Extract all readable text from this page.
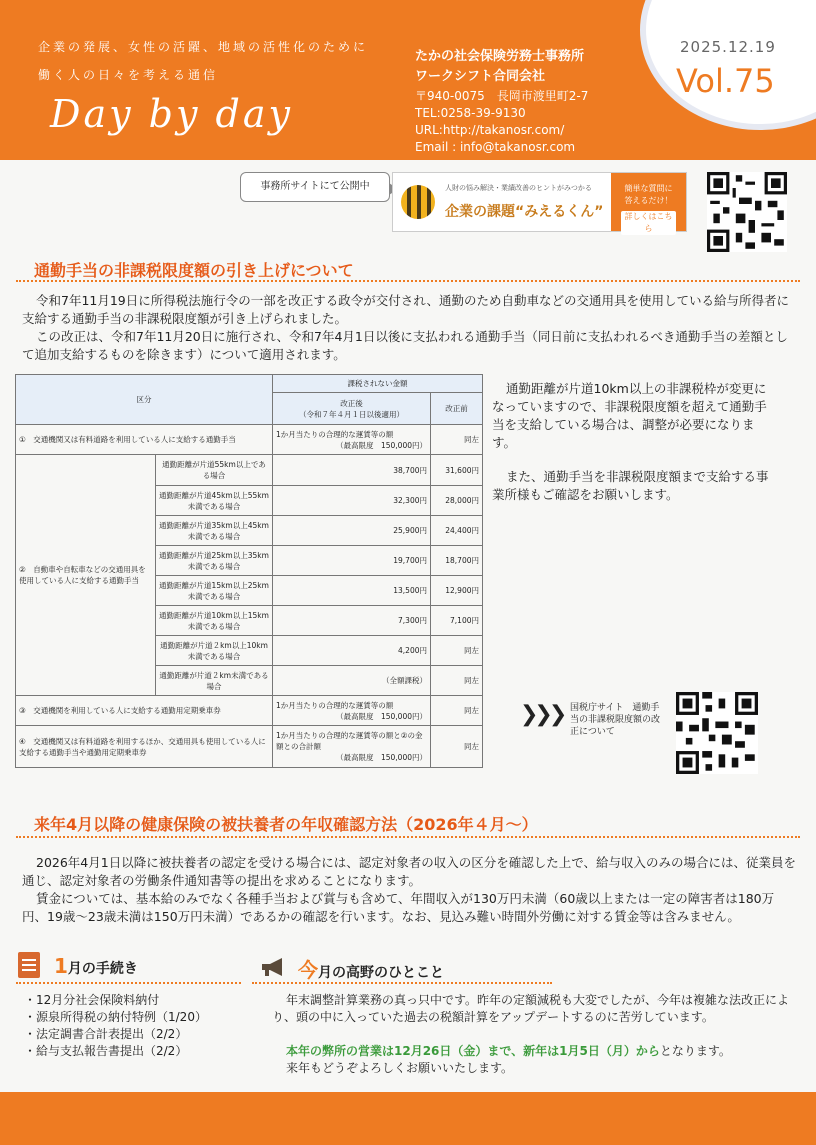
企業の発展、女性の活躍、地域の活性化のために
働く人の日々を考える通信
Day by day
たかの社会保険労務士事務所
ワークシフト合同会社
〒940-0075　長岡市渡里町2-7
TEL:0258-39-9130
URL:http://takanosr.com/
Email : info@takanosr.com
2025.12.19
Vol.75
事務所サイトにて公開中	人財の悩み解決・業績改善のヒントがみつかる
企業の課題“みえるくん”
簡単な質問に
答えるだけ！
詳しくはこちら
通勤手当の非課税限度額の引き上げについて
令和7年11月19日に所得税法施行令の一部を改正する政令が交付され、通勤のため自動車などの交通用具を使用している給与所得者に支給する通勤手当の非課税限度額が引き上げられました。
この改正は、令和7年11月20日に施行され、令和7年4月1日以後に支払われる通勤手当（同日前に支払われるべき通勤手当の差額として追加支給するものを除きます）について適用されます。
区分		課税されない金額	

		改正後
（令和７年４月１日以後適用）	改正前
①　交通機関又は有料道路を利用している人に支給する通勤手当		1か月当たりの合理的な運賃等の額
（最高限度　150,000円）	同左
②　自動車や自転車などの交通用具を使用している人に支給する通勤手当	通勤距離が片道55km以上である場合	38,700円	31,600円
	通勤距離が片道45km以上55km未満である場合	32,300円	28,000円
	通勤距離が片道35km以上45km未満である場合	25,900円	24,400円
	通勤距離が片道25km以上35km未満である場合	19,700円	18,700円
	通勤距離が片道15km以上25km未満である場合	13,500円	12,900円
	通勤距離が片道10km以上15km未満である場合	7,300円	7,100円
	通勤距離が片道２km以上10km未満である場合	4,200円	同左
	通勤距離が片道２km未満である場合	（全額課税）	同左
③　交通機関を利用している人に支給する通勤用定期乗車券		1か月当たりの合理的な運賃等の額
（最高限度　150,000円）	同左
④　交通機関又は有料道路を利用するほか、交通用具も使用している人に支給する通勤手当や通勤用定期乗車券		1か月当たりの合理的な運賃等の額と②の金額との合計額
（最高限度　150,000円）	同左
通勤距離が片道10km以上の非課税枠が変更になっていますので、非課税限度額を超えて通勤手当を支給している場合は、調整が必要になります。
また、通勤手当を非課税限度額まで支給する事業所様もご確認をお願いします。
❯❯❯ 国税庁サイト　通勤手当の非課税限度額の改正について
来年4月以降の健康保険の被扶養者の年収確認方法（2026年４月～）
2026年4月1日以降に被扶養者の認定を受ける場合には、認定対象者の収入の区分を確認した上で、給与収入のみの場合には、従業員を通じ、認定対象者の労働条件通知書等の提出を求めることになります。
賃金については、基本給のみでなく各種手当および賞与も含めて、年間収入が130万円未満（60歳以上または一定の障害者は180万円、19歳～23歳未満は150万円未満）であるかの確認を行います。なお、見込み難い時間外労働に対する賃金等は含みません。
1月の手続き
・12月分社会保険料納付
・源泉所得税の納付特例（1/20）
・法定調書合計表提出（2/2）
・給与支払報告書提出（2/2）
今月の高野のひとこと
年末調整計算業務の真っ只中です。昨年の定額減税も大変でしたが、今年は複雑な法改正により、頭の中に入っていた過去の税額計算をアップデートするのに苦労しています。
本年の弊所の営業は12月26日（金）まで、新年は1月5日（月）からとなります。
来年もどうぞよろしくお願いいたします。
